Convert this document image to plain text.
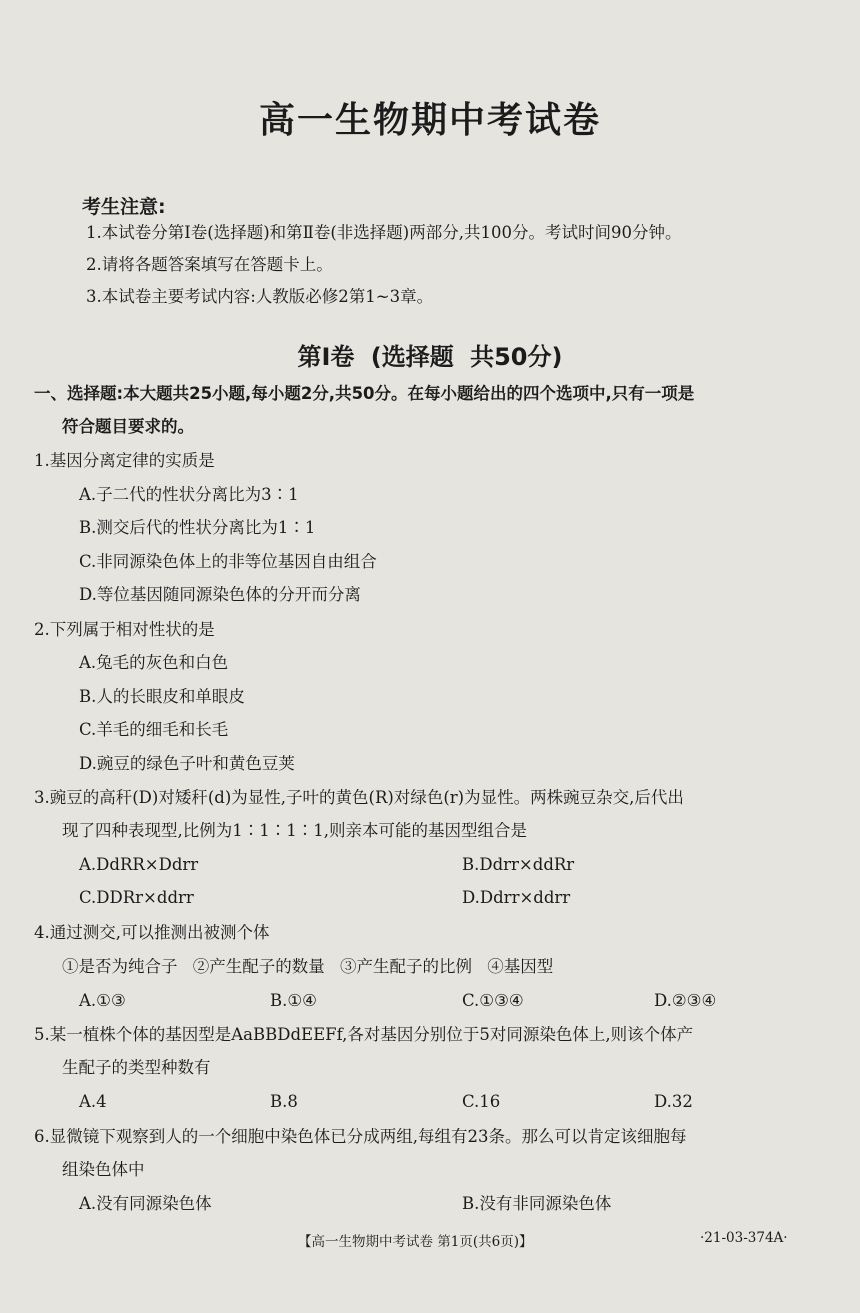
高一生物期中考试卷
考生注意:
1.本试卷分第Ⅰ卷(选择题)和第Ⅱ卷(非选择题)两部分,共100分。考试时间90分钟。
2.请将各题答案填写在答题卡上。
3.本试卷主要考试内容:人教版必修2第1~3章。
第Ⅰ卷 (选择题 共50分)
一、选择题:本大题共25小题,每小题2分,共50分。在每小题给出的四个选项中,只有一项是
符合题目要求的。
1.基因分离定律的实质是
A.子二代的性状分离比为3∶1
B.测交后代的性状分离比为1∶1
C.非同源染色体上的非等位基因自由组合
D.等位基因随同源染色体的分开而分离
2.下列属于相对性状的是
A.兔毛的灰色和白色
B.人的长眼皮和单眼皮
C.羊毛的细毛和长毛
D.豌豆的绿色子叶和黄色豆荚
3.豌豆的高秆(D)对矮秆(d)为显性,子叶的黄色(R)对绿色(r)为显性。两株豌豆杂交,后代出
现了四种表现型,比例为1∶1∶1∶1,则亲本可能的基因型组合是
A.DdRR×Ddrr	B.Ddrr×ddRr
C.DDRr×ddrr	D.Ddrr×ddrr
4.通过测交,可以推测出被测个体
①是否为纯合子 ②产生配子的数量 ③产生配子的比例 ④基因型
A.①③	B.①④	C.①③④	D.②③④
5.某一植株个体的基因型是AaBBDdEEFf,各对基因分别位于5对同源染色体上,则该个体产
生配子的类型种数有
A.4	B.8	C.16	D.32
6.显微镜下观察到人的一个细胞中染色体已分成两组,每组有23条。那么可以肯定该细胞每
组染色体中
A.没有同源染色体	B.没有非同源染色体
【高一生物期中考试卷 第1页(共6页)】	·21-03-374A·
